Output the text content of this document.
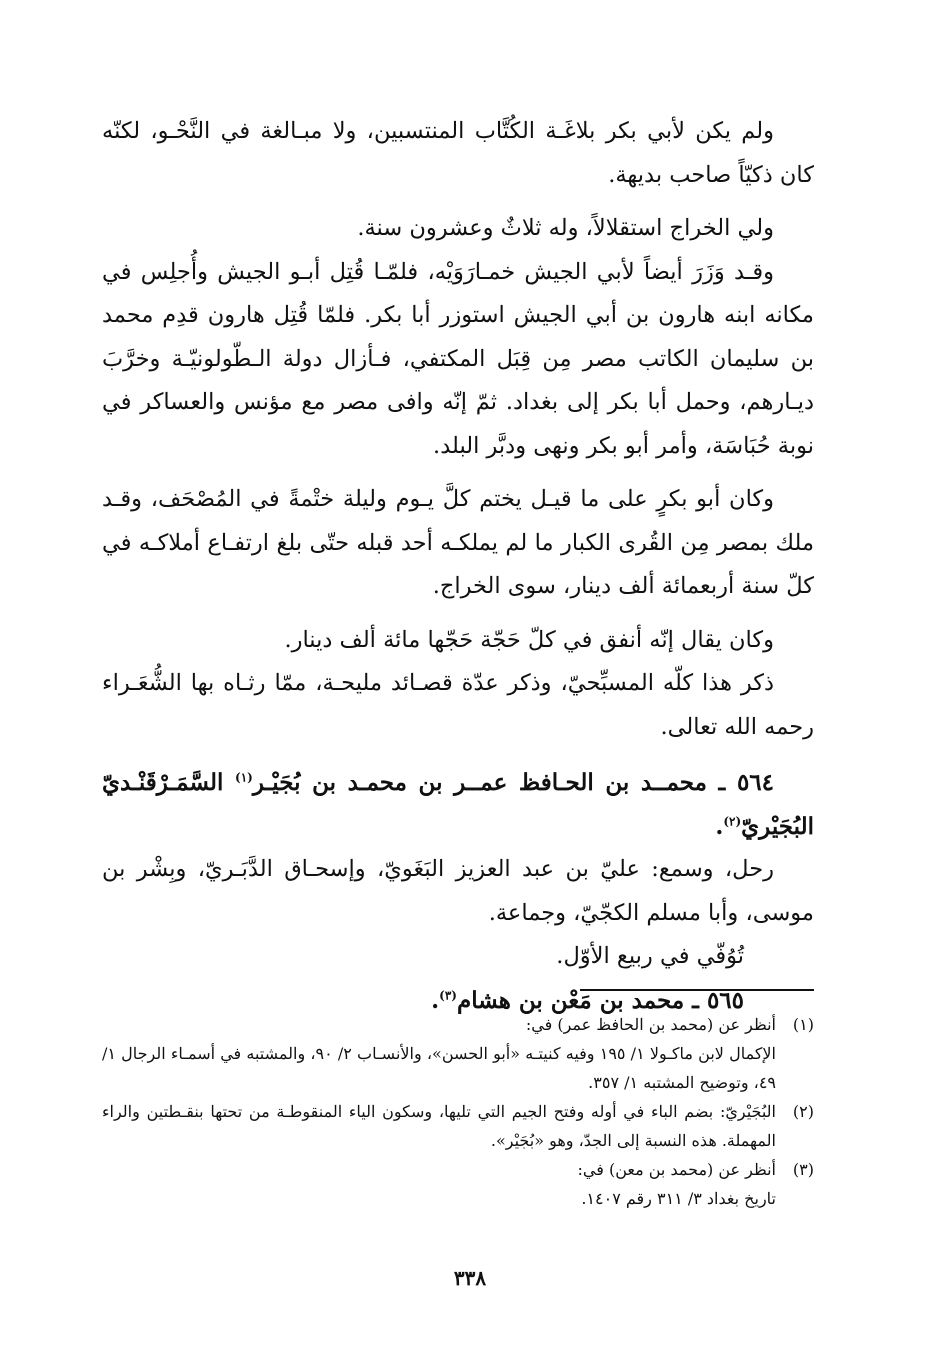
ولم يكن لأبي بكر بلاغَـة الكُتَّاب المنتسبين، ولا مبـالغة في النَّحْـو، لكنّه كان ذكيّاً صاحب بديهة.

ولي الخراج استقلالاً، وله ثلاثٌ وعشرون سنة.

وقـد وَزَرَ أيضاً لأبي الجيش خمـارَوَيْه، فلمّـا قُتِل أبـو الجيش وأُجلِس في مكانه ابنه هارون بن أبي الجيش استوزر أبا بكر. فلمّا قُتِل هارون قدِم محمد بن سليمان الكاتب مصر مِن قِبَل المكتفي، فـأزال دولة الـطّولونيّـة وخرَّبَ ديـارهم، وحمل أبا بكر إلى بغداد. ثمّ إنّه وافى مصر مع مؤنس والعساكر في نوبة حُبَاسَة، وأمر أبو بكر ونهى ودبَّر البلد.

وكان أبو بكرٍ على ما قيـل يختم كلَّ يـوم وليلة ختْمةً في المُصْحَف، وقـد ملك بمصر مِن القُرى الكبار ما لم يملكـه أحد قبله حتّى بلغ ارتفـاع أملاكـه في كلّ سنة أربعمائة ألف دينار، سوى الخراج.

وكان يقال إنّه أنفق في كلّ حَجّة حَجّها مائة ألف دينار.

ذكر هذا كلّه المسبِّحيّ، وذكر عدّة قصـائد مليحـة، ممّا رثـاه بها الشُّعَـراء رحمه الله تعالى.

٥٦٤ ـ محمــد بن الحـافظ عمــر بن محمـد بن بُجَيْـر$^{(١)}$ السَّمَـرْقَنْـديّ البُجَيْريّ$^{(٢)}$.

رحل، وسمع: عليّ بن عبد العزيز البَغَويّ، وإسحـاق الدَّبَـريّ، وبِشْر بن موسى، وأبا مسلم الكجّيّ، وجماعة.

تُوُفّي في ربيع الأوّل.

٥٦٥ ـ محمد بن مَعْن بن هشام$^{(٣)}$.

(١)
أنظر عن (محمد بن الحافظ عمر) في:
الإكمال لابن ماكـولا ١/ ١٩٥ وفيه كنيتـه «أبو الحسن»، والأنسـاب ٢/ ٩٠، والمشتبه في أسمـاء الرجال ١/ ٤٩، وتوضيح المشتبه ١/ ٣٥٧.
(٢)
البُجَيْريّ: بضم الباء في أوله وفتح الجيم التي تليها، وسكون الياء المنقوطـة من تحتها بنقـطتين والراء المهملة. هذه النسبة إلى الجدّ، وهو «بُجَيْر».
(٣)
أنظر عن (محمد بن معن) في:
تاريخ بغداد ٣/ ٣١١ رقم ١٤٠٧.
٣٣٨
